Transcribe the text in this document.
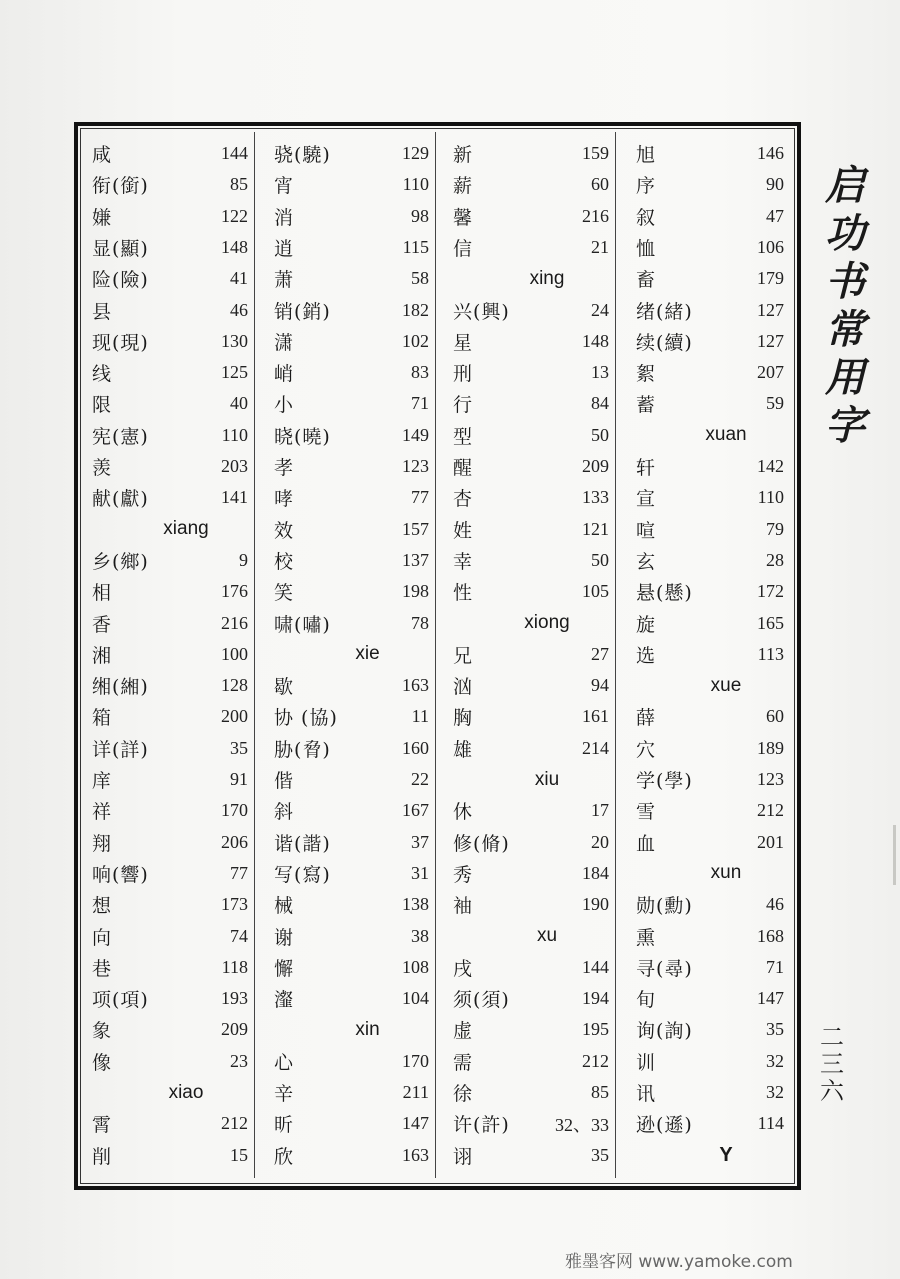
咸	144
衔(銜)	85
嫌	122
显(顯)	148
险(險)	41
县	46
现(現)	130
线	125
限	40
宪(憲)	110
羡	203
献(獻)	141
xiang
乡(鄉)	9
相	176
香	216
湘	100
缃(緗)	128
箱	200
详(詳)	35
庠	91
祥	170
翔	206
响(響)	77
想	173
向	74
巷	118
项(項)	193
象	209
像	23
xiao
霄	212
削	15
骁(驍)	129
宵	110
消	98
逍	115
萧	58
销(銷)	182
潇	102
峭	83
小	71
晓(曉)	149
孝	123
哮	77
效	157
校	137
笑	198
啸(嘯)	78
xie
歇	163
协 (協)	11
胁(脅)	160
偕	22
斜	167
谐(諧)	37
写(寫)	31
械	138
谢	38
懈	108
瀣	104
xin
心	170
辛	211
昕	147
欣	163
新	159
薪	60
馨	216
信	21
xing
兴(興)	24
星	148
刑	13
行	84
型	50
醒	209
杏	133
姓	121
幸	50
性	105
xiong
兄	27
汹	94
胸	161
雄	214
xiu
休	17
修(脩)	20
秀	184
袖	190
xu
戌	144
须(須)	194
虚	195
需	212
徐	85
许(許)	32、33
诩	35
旭	146
序	90
叙	47
恤	106
畜	179
绪(緒)	127
续(續)	127
絮	207
蓄	59
xuan
轩	142
宣	110
喧	79
玄	28
悬(懸)	172
旋	165
选	113
xue
薛	60
穴	189
学(學)	123
雪	212
血	201
xun
勋(勳)	46
熏	168
寻(尋)	71
旬	147
询(詢)	35
训	32
讯	32
逊(遜)	114
Y
启
功
书
常
用
字
二
三
六
雅墨客网 www.yamoke.com
